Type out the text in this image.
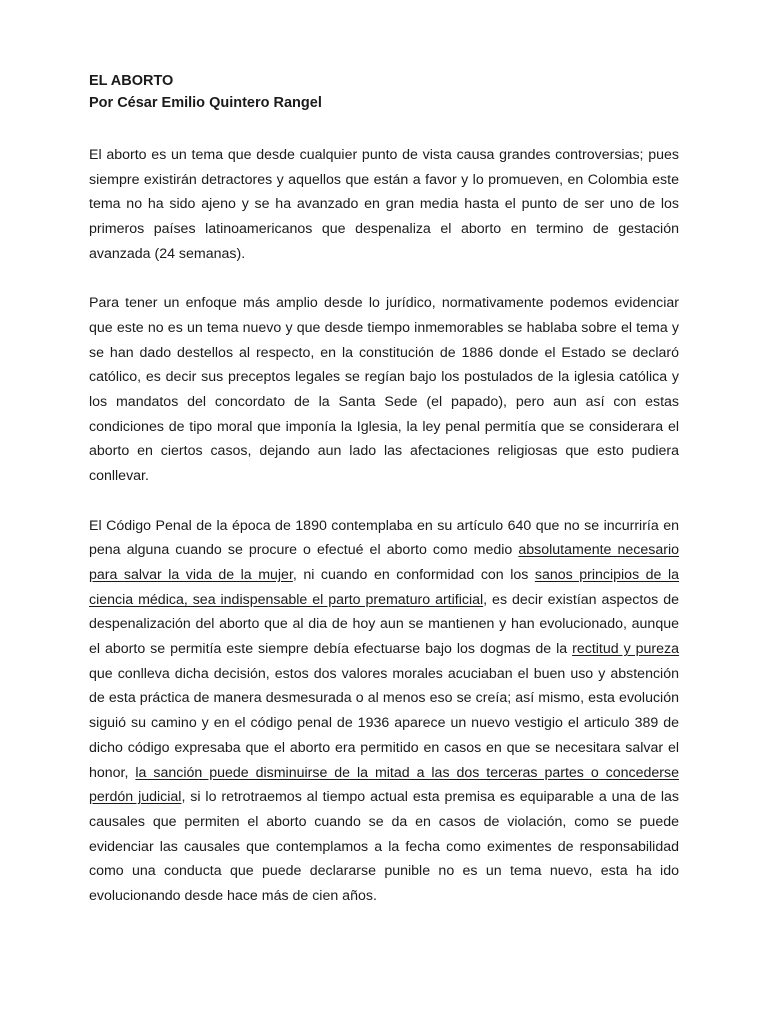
EL ABORTO
Por César Emilio Quintero Rangel

El aborto es un tema que desde cualquier punto de vista causa grandes controversias; pues siempre existirán detractores y aquellos que están a favor y lo promueven, en Colombia este tema no ha sido ajeno y se ha avanzado en gran media hasta el punto de ser uno de los primeros países latinoamericanos que despenaliza el aborto en termino de gestación avanzada (24 semanas).

Para tener un enfoque más amplio desde lo jurídico, normativamente podemos evidenciar que este no es un tema nuevo y que desde tiempo inmemorables se hablaba sobre el tema y se han dado destellos al respecto, en la constitución de 1886 donde el Estado se declaró católico, es decir sus preceptos legales se regían bajo los postulados de la iglesia católica y los mandatos del concordato de la Santa Sede (el papado), pero aun así con estas condiciones de tipo moral que imponía la Iglesia, la ley penal permitía que se considerara el aborto en ciertos casos, dejando aun lado las afectaciones religiosas que esto pudiera conllevar.

El Código Penal de la época de 1890 contemplaba en su artículo 640 que no se incurriría en pena alguna cuando se procure o efectué el aborto como medio absolutamente necesario para salvar la vida de la mujer, ni cuando en conformidad con los sanos principios de la ciencia médica, sea indispensable el parto prematuro artificial, es decir existían aspectos de despenalización del aborto que al dia de hoy aun se mantienen y han evolucionado, aunque el aborto se permitía este siempre debía efectuarse bajo los dogmas de la rectitud y pureza que conlleva dicha decisión, estos dos valores morales acuciaban el buen uso y abstención de esta práctica de manera desmesurada o al menos eso se creía; así mismo, esta evolución siguió su camino y en el código penal de 1936 aparece un nuevo vestigio el articulo 389 de dicho código expresaba que el aborto era permitido en casos en que se necesitara salvar el honor, la sanción puede disminuirse de la mitad a las dos terceras partes o concederse perdón judicial, si lo retrotraemos al tiempo actual esta premisa es equiparable a una de las causales que permiten el aborto cuando se da en casos de violación, como se puede evidenciar las causales que contemplamos a la fecha como eximentes de responsabilidad como una conducta que puede declararse punible no es un tema nuevo, esta ha ido evolucionando desde hace más de cien años.
